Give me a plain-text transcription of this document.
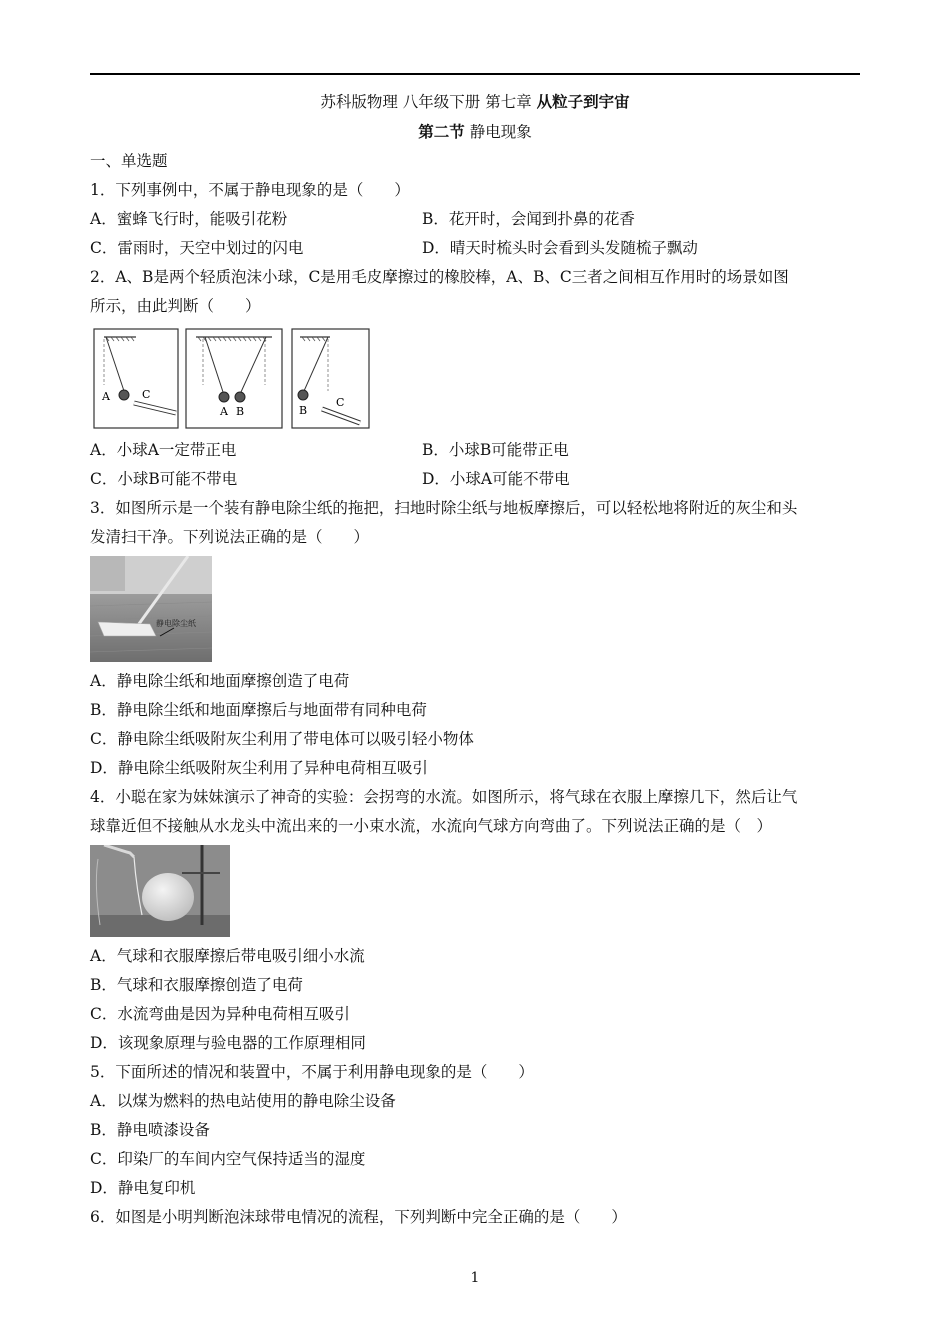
苏科版物理 八年级下册 第七章 从粒子到宇宙
第二节 静电现象
一、单选题
1．下列事例中，不属于静电现象的是（　　）
A．蜜蜂飞行时，能吸引花粉	B．花开时，会闻到扑鼻的花香
C．雷雨时，天空中划过的闪电	D．晴天时梳头时会看到头发随梳子飘动
2．A、B是两个轻质泡沫小球，C是用毛皮摩擦过的橡胶棒，A、B、C三者之间相互作用时的场景如图
所示，由此判断（　　）
A	C
A B	B
C
A．小球A一定带正电	B．小球B可能带正电
C．小球B可能不带电	D．小球A可能不带电
3．如图所示是一个装有静电除尘纸的拖把，扫地时除尘纸与地板摩擦后，可以轻松地将附近的灰尘和头
发清扫干净。下列说法正确的是（　　）
静电除尘纸
A．静电除尘纸和地面摩擦创造了电荷
B．静电除尘纸和地面摩擦后与地面带有同种电荷
C．静电除尘纸吸附灰尘利用了带电体可以吸引轻小物体
D．静电除尘纸吸附灰尘利用了异种电荷相互吸引
4．小聪在家为妹妹演示了神奇的实验：会拐弯的水流。如图所示，将气球在衣服上摩擦几下，然后让气
球靠近但不接触从水龙头中流出来的一小束水流，水流向气球方向弯曲了。下列说法正确的是（　）
A．气球和衣服摩擦后带电吸引细小水流
B．气球和衣服摩擦创造了电荷
C．水流弯曲是因为异种电荷相互吸引
D．该现象原理与验电器的工作原理相同
5．下面所述的情况和装置中，不属于利用静电现象的是（　　）
A．以煤为燃料的热电站使用的静电除尘设备
B．静电喷漆设备
C．印染厂的车间内空气保持适当的湿度
D．静电复印机
6．如图是小明判断泡沫球带电情况的流程，下列判断中完全正确的是（　　）
1
